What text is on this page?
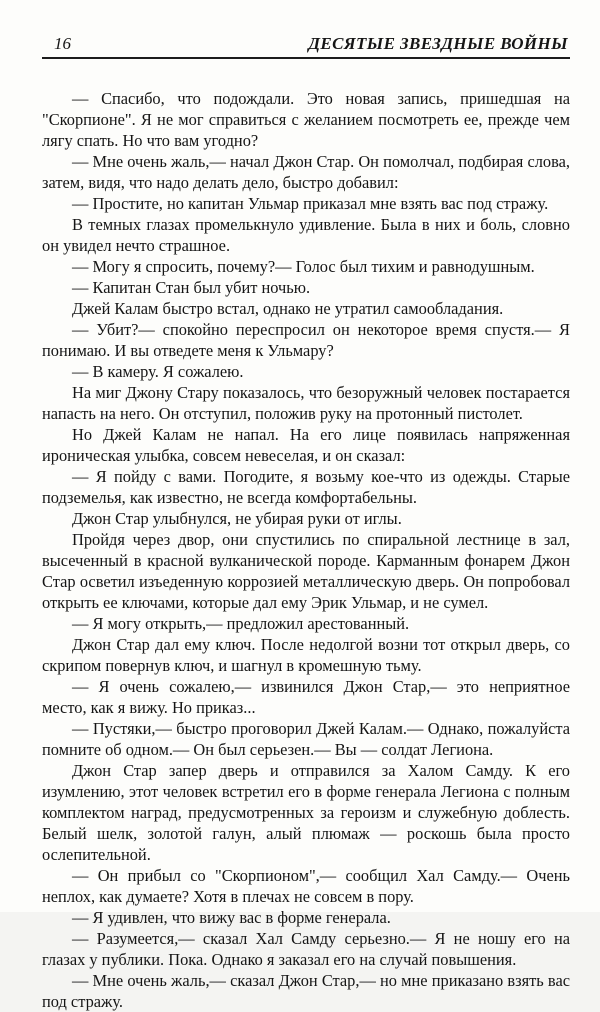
16	ДЕСЯТЫЕ ЗВЕЗДНЫЕ ВОЙНЫ

— Спасибо, что подождали. Это новая запись, пришедшая на "Скорпионе". Я не мог справиться с желанием посмотреть ее, прежде чем лягу спать. Но что вам угодно?

— Мне очень жаль,— начал Джон Стар. Он помолчал, подбирая слова, затем, видя, что надо делать дело, быстро добавил:

— Простите, но капитан Ульмар приказал мне взять вас под стражу.

В темных глазах промелькнуло удивление. Была в них и боль, словно он увидел нечто страшное.

— Могу я спросить, почему?— Голос был тихим и равнодушным.

— Капитан Стан был убит ночью.

Джей Калам быстро встал, однако не утратил самообладания.

— Убит?— спокойно переспросил он некоторое время спустя.— Я понимаю. И вы отведете меня к Ульмару?

— В камеру. Я сожалею.

На миг Джону Стару показалось, что безоружный человек постарается напасть на него. Он отступил, положив руку на протонный пистолет.

Но Джей Калам не напал. На его лице появилась напряженная ироническая улыбка, совсем невеселая, и он сказал:

— Я пойду с вами. Погодите, я возьму кое-что из одежды. Старые подземелья, как известно, не всегда комфортабельны.

Джон Стар улыбнулся, не убирая руки от иглы.

Пройдя через двор, они спустились по спиральной лестнице в зал, высеченный в красной вулканической породе. Карманным фонарем Джон Стар осветил изъеденную коррозией металлическую дверь. Он попробовал открыть ее ключами, которые дал ему Эрик Ульмар, и не сумел.

— Я могу открыть,— предложил арестованный.

Джон Стар дал ему ключ. После недолгой возни тот открыл дверь, со скрипом повернув ключ, и шагнул в кромешную тьму.

— Я очень сожалею,— извинился Джон Стар,— это неприятное место, как я вижу. Но приказ...

— Пустяки,— быстро проговорил Джей Калам.— Однако, пожалуйста помните об одном.— Он был серьезен.— Вы — солдат Легиона.

Джон Стар запер дверь и отправился за Халом Самду. К его изумлению, этот человек встретил его в форме генерала Легиона с полным комплектом наград, предусмотренных за героизм и служебную доблесть. Белый шелк, золотой галун, алый плюмаж — роскошь была просто ослепительной.

— Он прибыл со "Скорпионом",— сообщил Хал Самду.— Очень неплох, как думаете? Хотя в плечах не совсем в пору.

— Я удивлен, что вижу вас в форме генерала.

— Разумеется,— сказал Хал Самду серьезно.— Я не ношу его на глазах у публики. Пока. Однако я заказал его на случай повышения.

— Мне очень жаль,— сказал Джон Стар,— но мне приказано взять вас под стражу.
